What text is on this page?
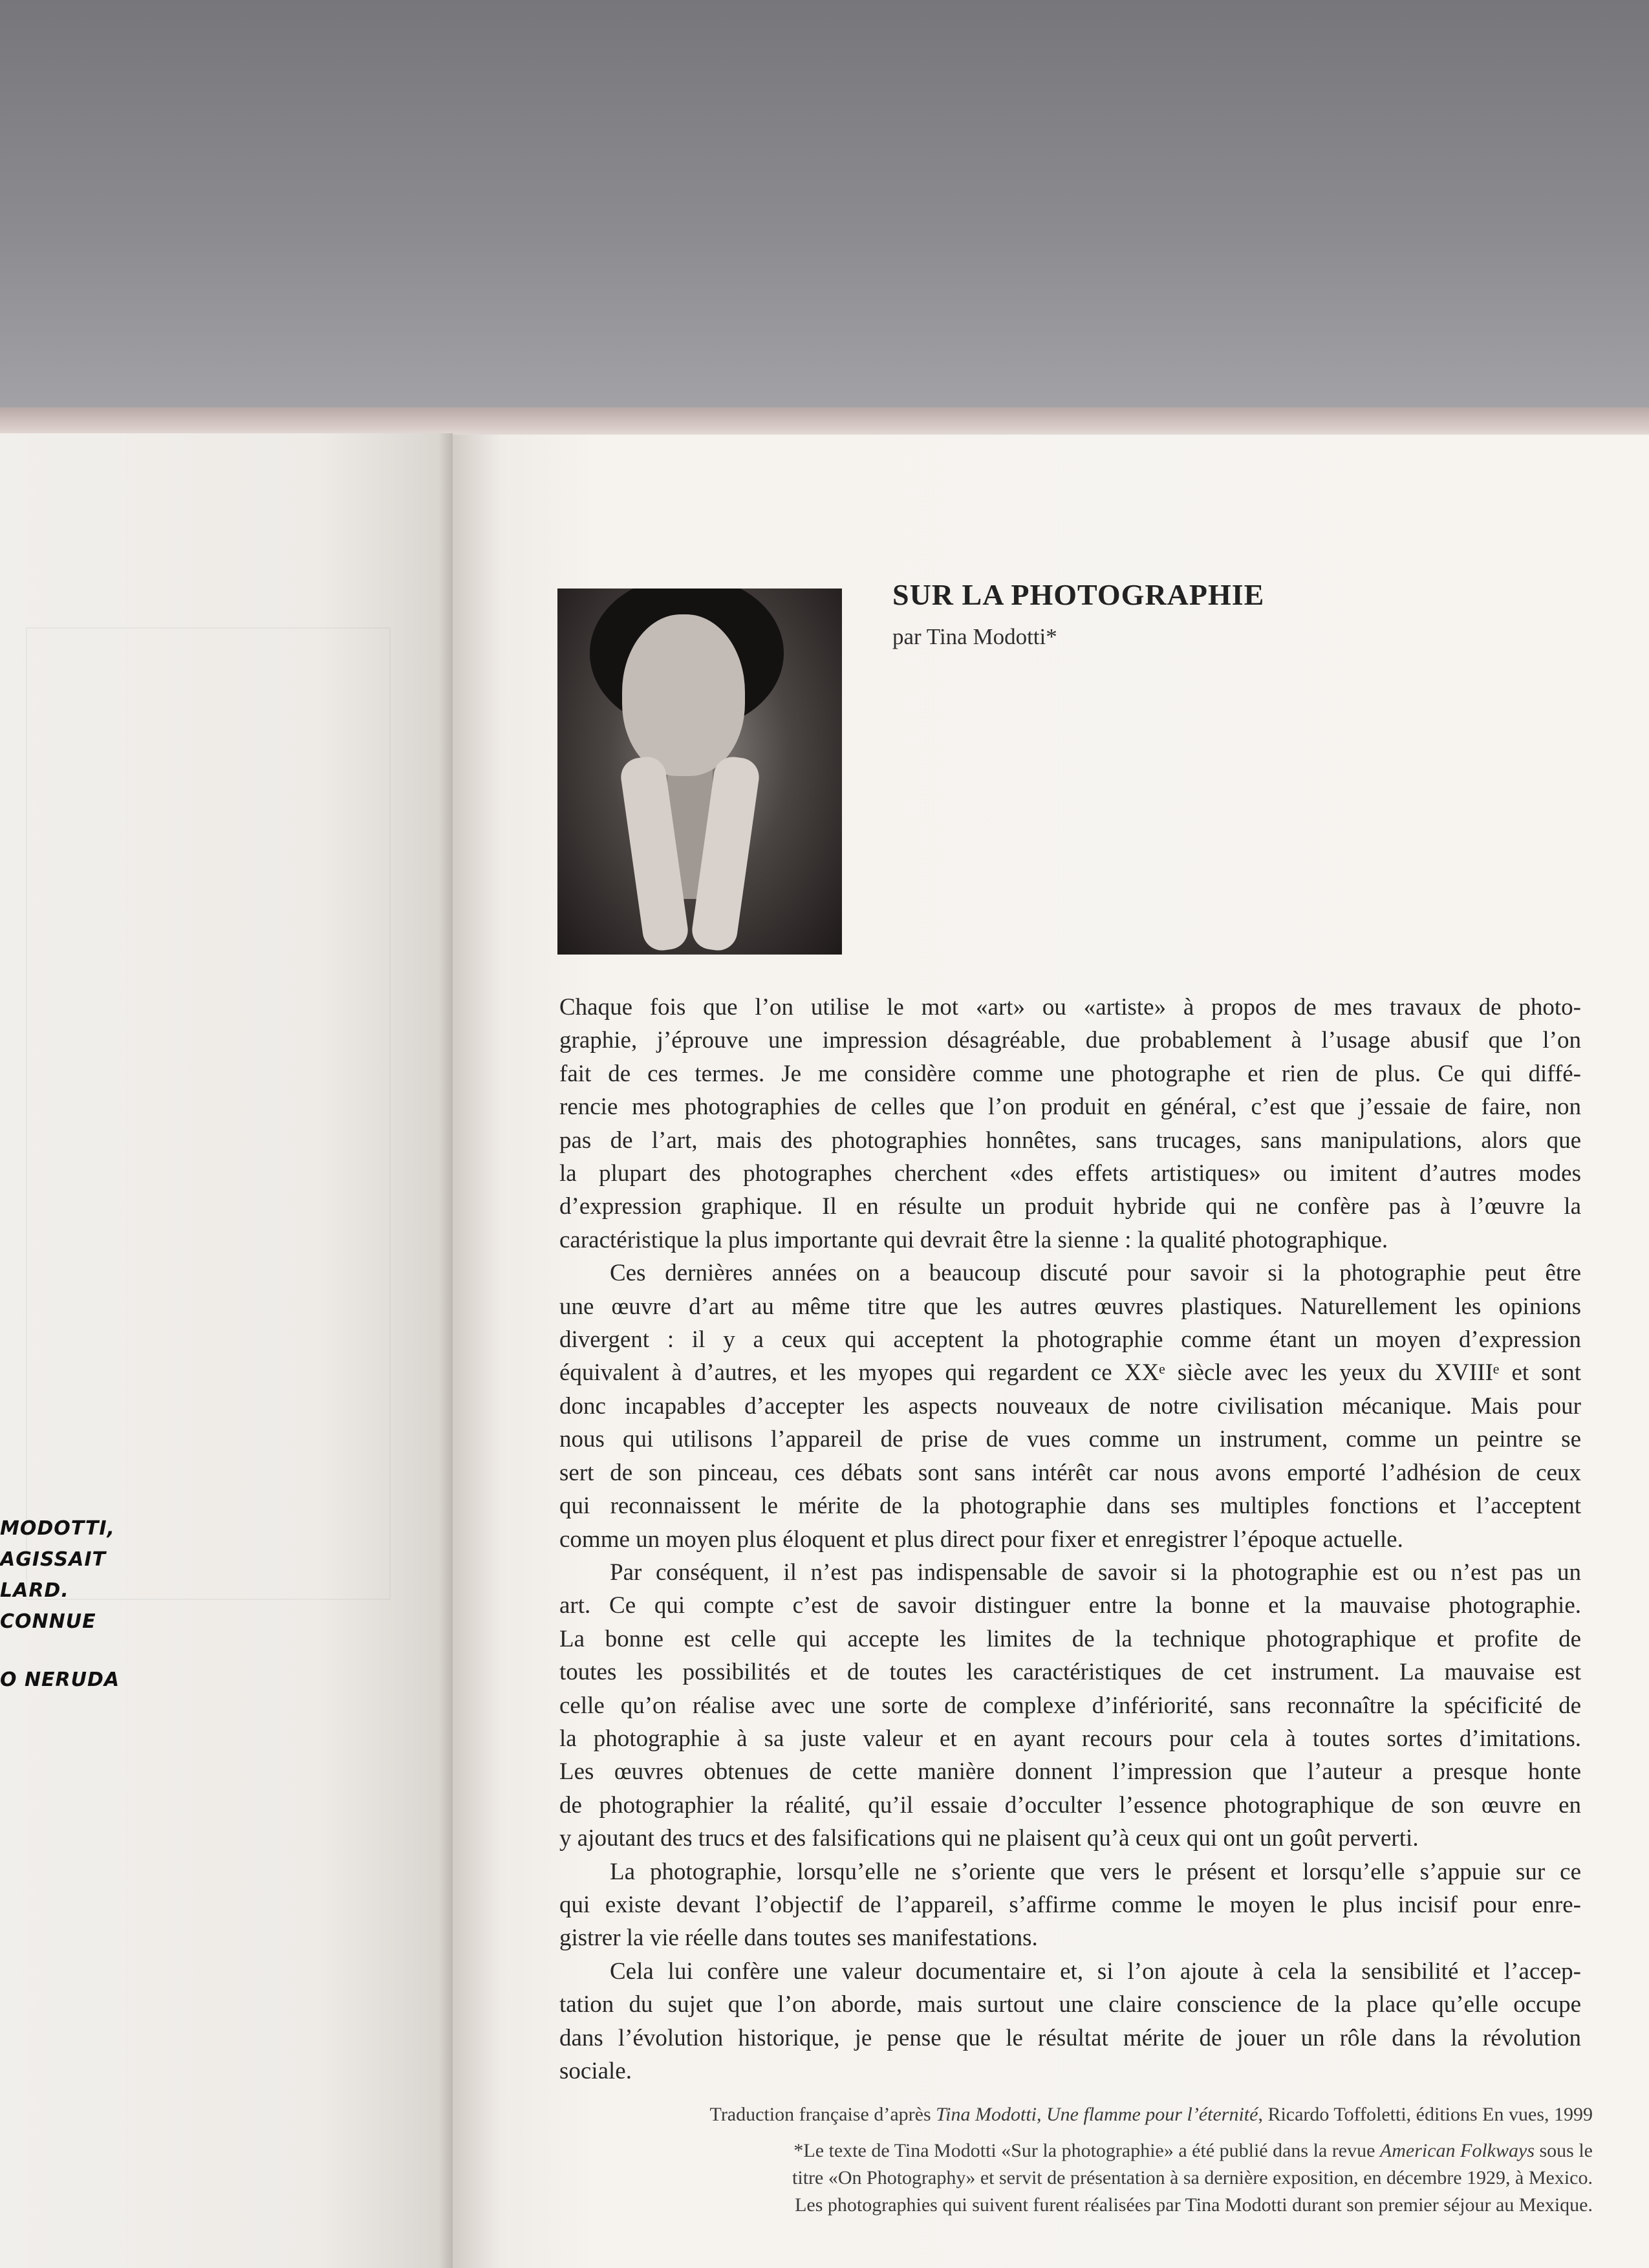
MODOTTI,
AGISSAIT
LARD.
CONNUE
O NERUDA
SUR LA PHOTOGRAPHIE
par Tina Modotti*
Chaque fois que l’on utilise le mot «art» ou «artiste» à propos de mes travaux de photo-
graphie, j’éprouve une impression désagréable, due probablement à l’usage abusif que l’on
fait de ces termes. Je me considère comme une photographe et rien de plus. Ce qui diffé-
rencie mes photographies de celles que l’on produit en général, c’est que j’essaie de faire, non
pas de l’art, mais des photographies honnêtes, sans trucages, sans manipulations, alors que
la plupart des photographes cherchent «des effets artistiques» ou imitent d’autres modes
d’expression graphique. Il en résulte un produit hybride qui ne confère pas à l’œuvre la
caractéristique la plus importante qui devrait être la sienne : la qualité photographique.
Ces dernières années on a beaucoup discuté pour savoir si la photographie peut être
une œuvre d’art au même titre que les autres œuvres plastiques. Naturellement les opinions
divergent : il y a ceux qui acceptent la photographie comme étant un moyen d’expression
équivalent à d’autres, et les myopes qui regardent ce XXᵉ siècle avec les yeux du XVIIIᵉ et sont
donc incapables d’accepter les aspects nouveaux de notre civilisation mécanique. Mais pour
nous qui utilisons l’appareil de prise de vues comme un instrument, comme un peintre se
sert de son pinceau, ces débats sont sans intérêt car nous avons emporté l’adhésion de ceux
qui reconnaissent le mérite de la photographie dans ses multiples fonctions et l’acceptent
comme un moyen plus éloquent et plus direct pour fixer et enregistrer l’époque actuelle.
Par conséquent, il n’est pas indispensable de savoir si la photographie est ou n’est pas un
art. Ce qui compte c’est de savoir distinguer entre la bonne et la mauvaise photographie.
La bonne est celle qui accepte les limites de la technique photographique et profite de
toutes les possibilités et de toutes les caractéristiques de cet instrument. La mauvaise est
celle qu’on réalise avec une sorte de complexe d’infériorité, sans reconnaître la spécificité de
la photographie à sa juste valeur et en ayant recours pour cela à toutes sortes d’imitations.
Les œuvres obtenues de cette manière donnent l’impression que l’auteur a presque honte
de photographier la réalité, qu’il essaie d’occulter l’essence photographique de son œuvre en
y ajoutant des trucs et des falsifications qui ne plaisent qu’à ceux qui ont un goût perverti.
La photographie, lorsqu’elle ne s’oriente que vers le présent et lorsqu’elle s’appuie sur ce
qui existe devant l’objectif de l’appareil, s’affirme comme le moyen le plus incisif pour enre-
gistrer la vie réelle dans toutes ses manifestations.
Cela lui confère une valeur documentaire et, si l’on ajoute à cela la sensibilité et l’accep-
tation du sujet que l’on aborde, mais surtout une claire conscience de la place qu’elle occupe
dans l’évolution historique, je pense que le résultat mérite de jouer un rôle dans la révolution
sociale.
Traduction française d’après Tina Modotti, Une flamme pour l’éternité, Ricardo Toffoletti, éditions En vues, 1999
*Le texte de Tina Modotti «Sur la photographie» a été publié dans la revue American Folkways sous le
titre «On Photography» et servit de présentation à sa dernière exposition, en décembre 1929, à Mexico.
Les photographies qui suivent furent réalisées par Tina Modotti durant son premier séjour au Mexique.
